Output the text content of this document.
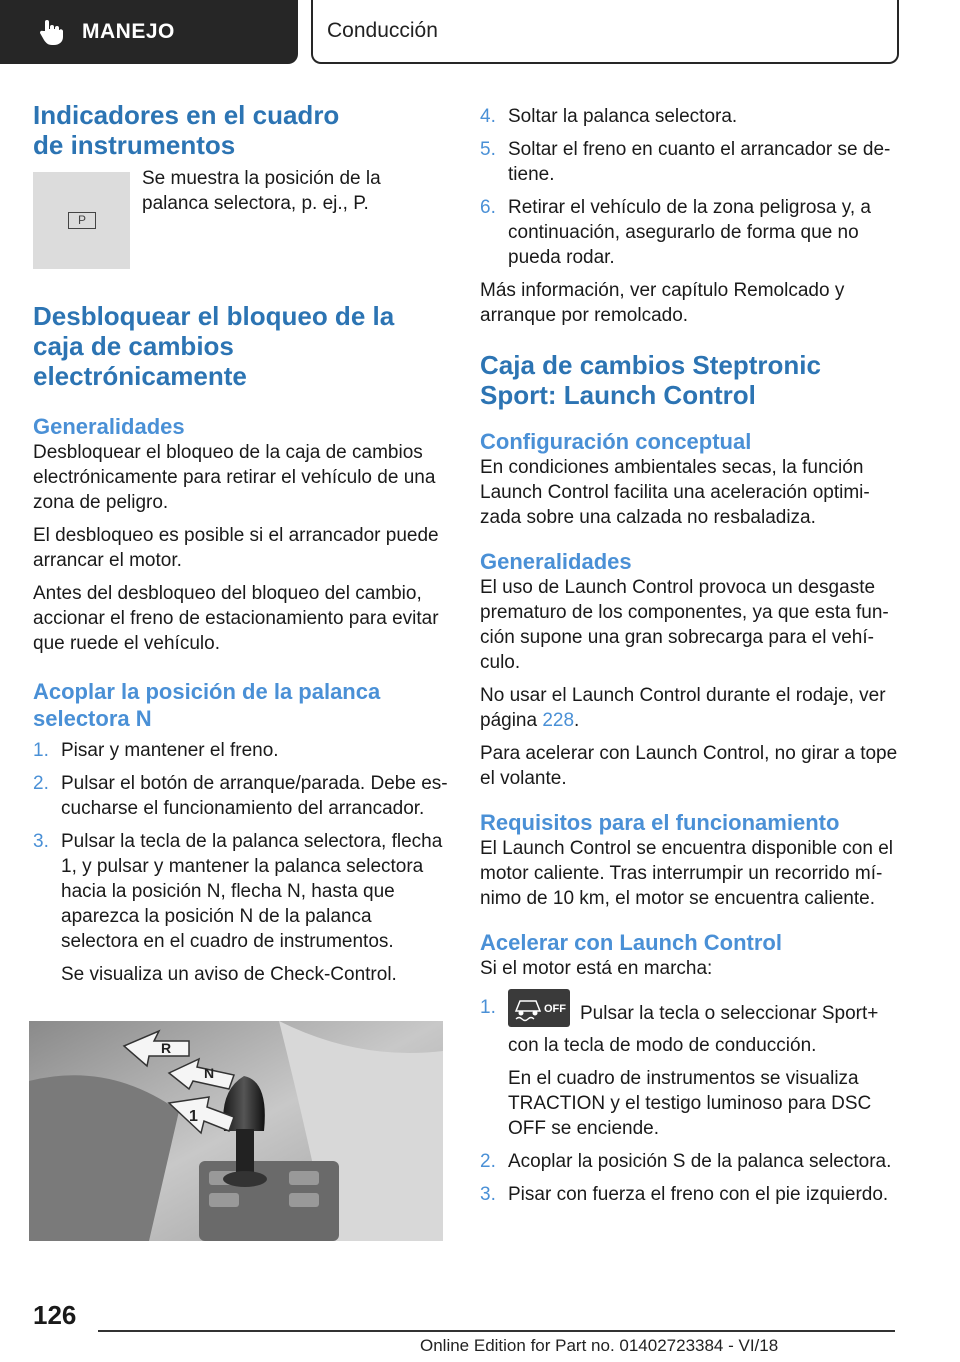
MANEJO	Conducción
Indicadores en el cuadro de instrumentos
P
Se muestra la posición de la palanca selectora, p. ej., P.
Desbloquear el bloqueo de la caja de cambios electrónicamente
Generalidades

Desbloquear el bloqueo de la caja de cambios electrónicamente para retirar el vehículo de una zona de peligro.

El desbloqueo es posible si el arrancador puede arrancar el motor.

Antes del desbloqueo del bloqueo del cambio, accionar el freno de estacionamiento para evitar que ruede el vehículo.

Acoplar la posición de la palanca selectora N
1. Pisar y mantener el freno.
2. Pulsar el botón de arranque/parada. Debe escucharse el funcionamiento del arrancador.
3. Pulsar la tecla de la palanca selectora, flecha 1, y pulsar y mantener la palanca selectora hacia la posición N, flecha N, hasta que aparezca la posición N de la palanca selectora en el cuadro de instrumentos.
Se visualiza un aviso de Check-Control.
R
N
1
4. Soltar la palanca selectora.
5. Soltar el freno en cuanto el arrancador se detiene.
6. Retirar el vehículo de la zona peligrosa y, a continuación, asegurarlo de forma que no pueda rodar.

Más información, ver capítulo Remolcado y arranque por remolcado.

Caja de cambios Steptronic Sport: Launch Control
Configuración conceptual

En condiciones ambientales secas, la función Launch Control facilita una aceleración optimizada sobre una calzada no resbaladiza.

Generalidades

El uso de Launch Control provoca un desgaste prematuro de los componentes, ya que esta función supone una gran sobrecarga para el vehículo.

No usar el Launch Control durante el rodaje, ver página 228.

Para acelerar con Launch Control, no girar a tope el volante.

Requisitos para el funcionamiento

El Launch Control se encuentra disponible con el motor caliente. Tras interrumpir un recorrido mínimo de 10 km, el motor se encuentra caliente.

Acelerar con Launch Control

Si el motor está en marcha:

1.	OFF Pulsar la tecla o seleccionar Sport+ con la tecla de modo de conducción.
En el cuadro de instrumentos se visualiza TRACTION y el testigo luminoso para DSC OFF se enciende.
2. Acoplar la posición S de la palanca selectora.
3. Pisar con fuerza el freno con el pie izquierdo.
126
Online Edition for Part no. 01402723384 - VI/18
